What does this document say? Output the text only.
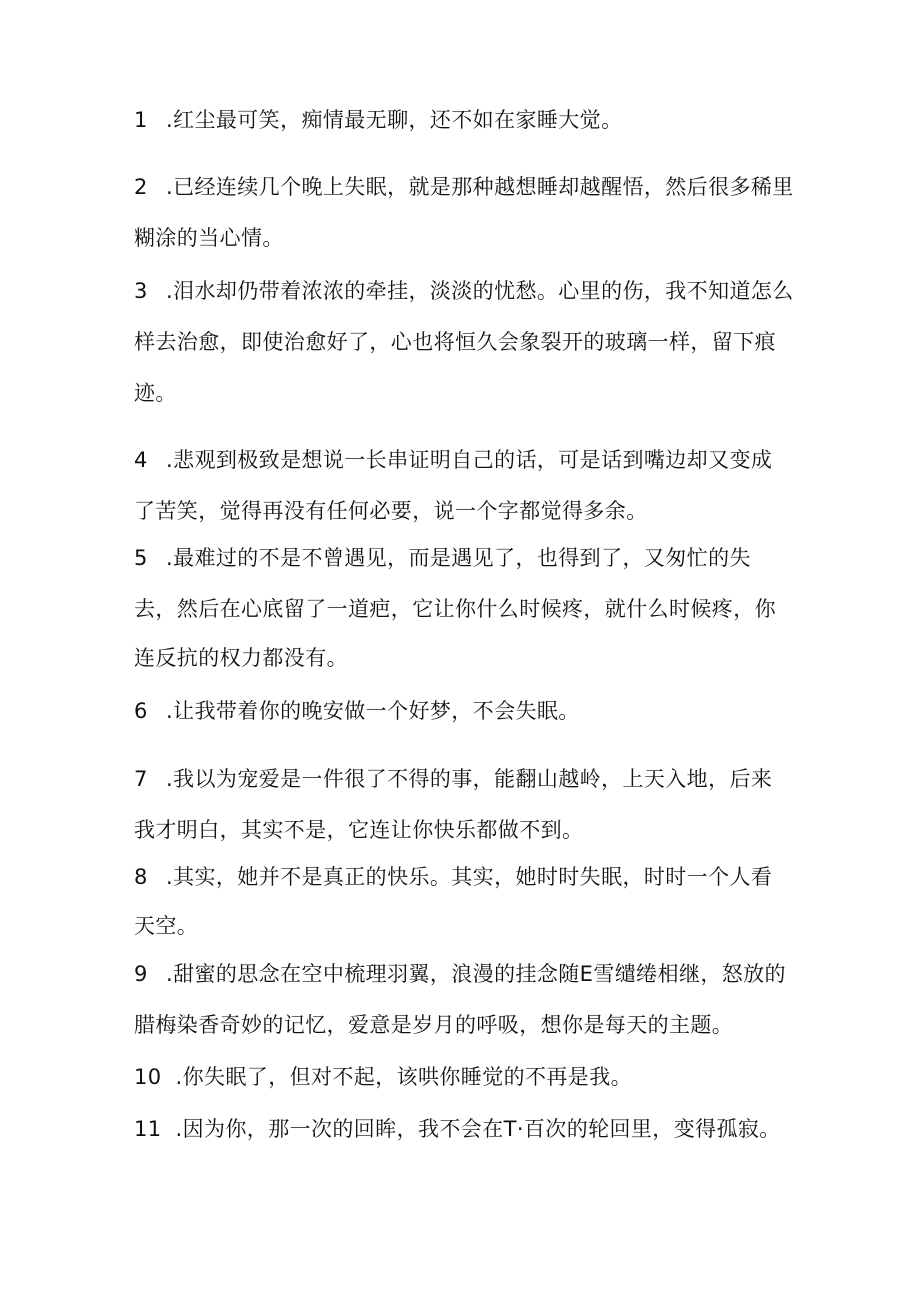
1 .红尘最可笑，痴情最无聊，还不如在家睡大觉。
2 .已经连续几个晚上失眠，就是那种越想睡却越醒悟，然后很多稀里
糊涂的当心情。
3 .泪水却仍带着浓浓的牵挂，淡淡的忧愁。心里的伤，我不知道怎么
样去治愈，即使治愈好了，心也将恒久会象裂开的玻璃一样，留下痕
迹。
4 .悲观到极致是想说一长串证明自己的话，可是话到嘴边却又变成
了苦笑，觉得再没有任何必要，说一个字都觉得多余。
5 .最难过的不是不曾遇见，而是遇见了，也得到了，又匆忙的失
去，然后在心底留了一道疤，它让你什么时候疼，就什么时候疼，你
连反抗的权力都没有。
6 .让我带着你的晚安做一个好梦，不会失眠。
7 .我以为宠爱是一件很了不得的事，能翻山越岭，上天入地，后来
我才明白，其实不是，它连让你快乐都做不到。
8 .其实，她并不是真正的快乐。其实，她时时失眠，时时一个人看
天空。
9 .甜蜜的思念在空中梳理羽翼，浪漫的挂念随E雪缱绻相继，怒放的
腊梅染香奇妙的记忆，爱意是岁月的呼吸，想你是每天的主题。
10 .你失眠了，但对不起，该哄你睡觉的不再是我。
11 .因为你，那一次的回眸，我不会在T·百次的轮回里，变得孤寂。
